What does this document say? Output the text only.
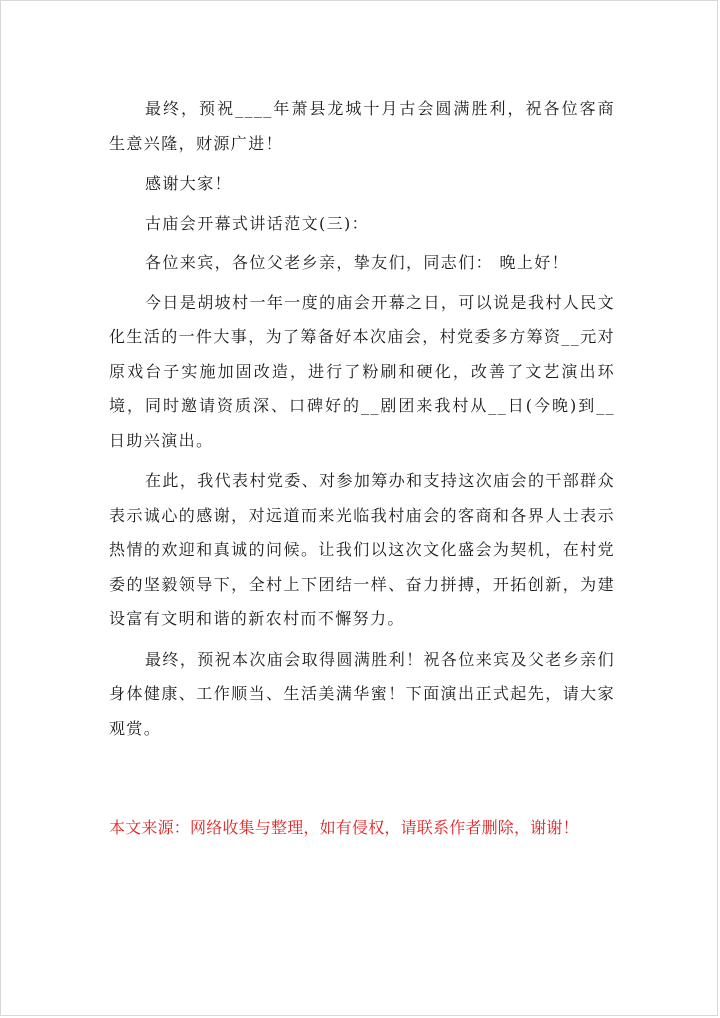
最终，预祝____年萧县龙城十月古会圆满胜利，祝各位客商生意兴隆，财源广进！

感谢大家！

古庙会开幕式讲话范文(三)：

各位来宾，各位父老乡亲，挚友们，同志们： 晚上好！

今日是胡坡村一年一度的庙会开幕之日，可以说是我村人民文化生活的一件大事，为了筹备好本次庙会，村党委多方筹资__元对原戏台子实施加固改造，进行了粉刷和硬化，改善了文艺演出环境，同时邀请资质深、口碑好的__剧团来我村从__日(今晚)到__日助兴演出。

在此，我代表村党委、对参加筹办和支持这次庙会的干部群众表示诚心的感谢，对远道而来光临我村庙会的客商和各界人士表示热情的欢迎和真诚的问候。让我们以这次文化盛会为契机，在村党委的坚毅领导下，全村上下团结一样、奋力拼搏，开拓创新，为建设富有文明和谐的新农村而不懈努力。

最终，预祝本次庙会取得圆满胜利！祝各位来宾及父老乡亲们身体健康、工作顺当、生活美满华蜜！下面演出正式起先，请大家观赏。

本文来源：网络收集与整理，如有侵权，请联系作者删除，谢谢！
